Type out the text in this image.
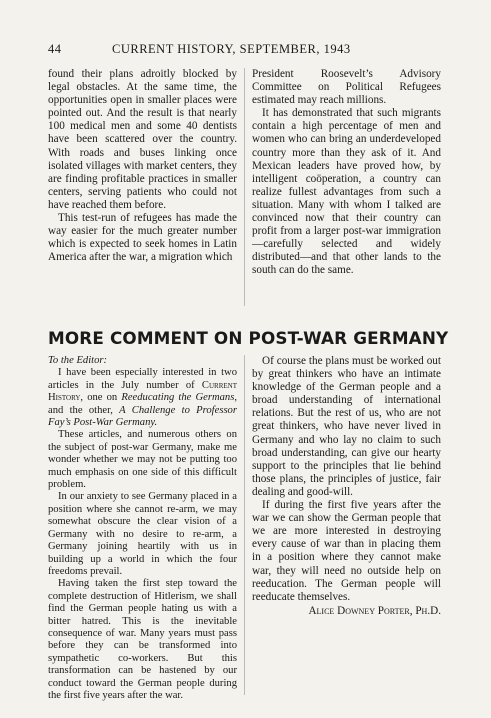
44	CURRENT HISTORY, SEPTEMBER, 1943

found their plans adroitly blocked by legal obstacles. At the same time, the opportunities open in smaller places were pointed out. And the result is that nearly 100 medical men and some 40 dentists have been scattered over the country. With roads and buses linking once isolated villages with market centers, they are finding profitable practices in smaller centers, serving patients who could not have reached them before.

This test-run of refugees has made the way easier for the much greater number which is expected to seek homes in Latin America after the war, a migration which

President Roosevelt’s Advisory Committee on Political Refugees estimated may reach millions.

It has demonstrated that such migrants contain a high percentage of men and women who can bring an underdeveloped country more than they ask of it. And Mexican leaders have proved how, by intelligent coöperation, a country can realize fullest advantages from such a situation. Many with whom I talked are convinced now that their country can profit from a larger post-war immigration—carefully selected and widely distributed—and that other lands to the south can do the same.

MORE COMMENT ON POST-WAR GERMANY

To the Editor:

I have been especially interested in two articles in the July number of Current History, one on Reeducating the Germans, and the other, A Challenge to Professor Fay’s Post-War Germany.

These articles, and numerous others on the subject of post-war Germany, make me wonder whether we may not be putting too much emphasis on one side of this difficult problem.

In our anxiety to see Germany placed in a position where she cannot re-arm, we may somewhat obscure the clear vision of a Germany with no desire to re-arm, a Germany joining heartily with us in building up a world in which the four freedoms prevail.

Having taken the first step toward the complete destruction of Hitlerism, we shall find the German people hating us with a bitter hatred. This is the inevitable consequence of war. Many years must pass before they can be transformed into sympathetic co-workers. But this transformation can be hastened by our conduct toward the German people during the first five years after the war.

Of course the plans must be worked out by great thinkers who have an intimate knowledge of the German people and a broad understanding of international relations. But the rest of us, who are not great thinkers, who have never lived in Germany and who lay no claim to such broad understanding, can give our hearty support to the principles that lie behind those plans, the principles of justice, fair dealing and good-will.

If during the first five years after the war we can show the German people that we are more interested in destroying every cause of war than in placing them in a position where they cannot make war, they will need no outside help on reeducation. The German people will reeducate themselves.

Alice Downey Porter, Ph.D.
